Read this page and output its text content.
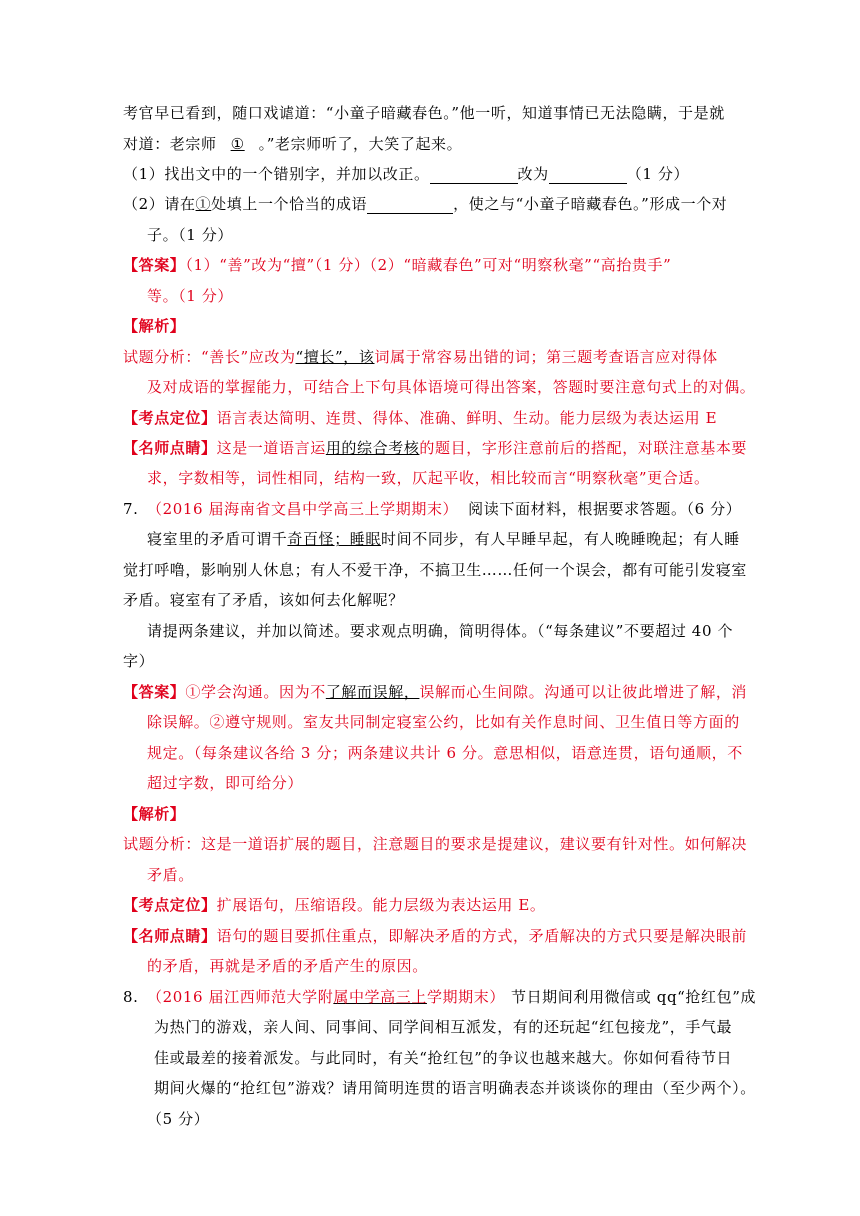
考官早已看到，随口戏谑道：“小童子暗藏春色。”他一听，知道事情已无法隐瞒，于是就
对道：老宗师 ① 。”老宗师听了，大笑了起来。
（1）找出文中的一个错别字，并加以改正。	改为	（1 分）
（2）请在①处填上一个恰当的成语	，使之与“小童子暗藏春色。”形成一个对
子。（1 分）
【答案】（1）“善”改为“擅”（1 分）（2）“暗藏春色”可对“明察秋毫”“高抬贵手”
等。（1 分）
【解析】
试题分析：“善长”应改为“擅长”，该词属于常容易出错的词；第三题考查语言应对得体
及对成语的掌握能力，可结合上下句具体语境可得出答案，答题时要注意句式上的对偶。
【考点定位】语言表达简明、连贯、得体、准确、鲜明、生动。能力层级为表达运用 E
【名师点睛】这是一道语言运用的综合考核的题目，字形注意前后的搭配，对联注意基本要
求，字数相等，词性相同，结构一致，仄起平收，相比较而言“明察秋毫”更合适。
7. （2016 届海南省文昌中学高三上学期期末） 阅读下面材料，根据要求答题。（6 分）
寝室里的矛盾可谓千奇百怪；睡眠时间不同步，有人早睡早起，有人晚睡晚起；有人睡
觉打呼噜，影响别人休息；有人不爱干净，不搞卫生……任何一个误会，都有可能引发寝室
矛盾。寝室有了矛盾，该如何去化解呢？
请提两条建议，并加以简述。要求观点明确，简明得体。（“每条建议”不要超过 40 个
字）
【答案】①学会沟通。因为不了解而误解，误解而心生间隙。沟通可以让彼此增进了解，消
除误解。②遵守规则。室友共同制定寝室公约，比如有关作息时间、卫生值日等方面的
规定。（每条建议各给 3 分；两条建议共计 6 分。意思相似，语意连贯，语句通顺，不
超过字数，即可给分）
【解析】
试题分析：这是一道语扩展的题目，注意题目的要求是提建议，建议要有针对性。如何解决
矛盾。
【考点定位】扩展语句，压缩语段。能力层级为表达运用 E。
【名师点睛】语句的题目要抓住重点，即解决矛盾的方式，矛盾解决的方式只要是解决眼前
的矛盾，再就是矛盾的矛盾产生的原因。
8. （2016 届江西师范大学附属中学高三上学期期末） 节日期间利用微信或 qq“抢红包”成
为热门的游戏，亲人间、同事间、同学间相互派发，有的还玩起“红包接龙”，手气最
佳或最差的接着派发。与此同时，有关“抢红包”的争议也越来越大。你如何看待节日
期间火爆的“抢红包”游戏？请用简明连贯的语言明确表态并谈谈你的理由（至少两个）。
（5 分）
